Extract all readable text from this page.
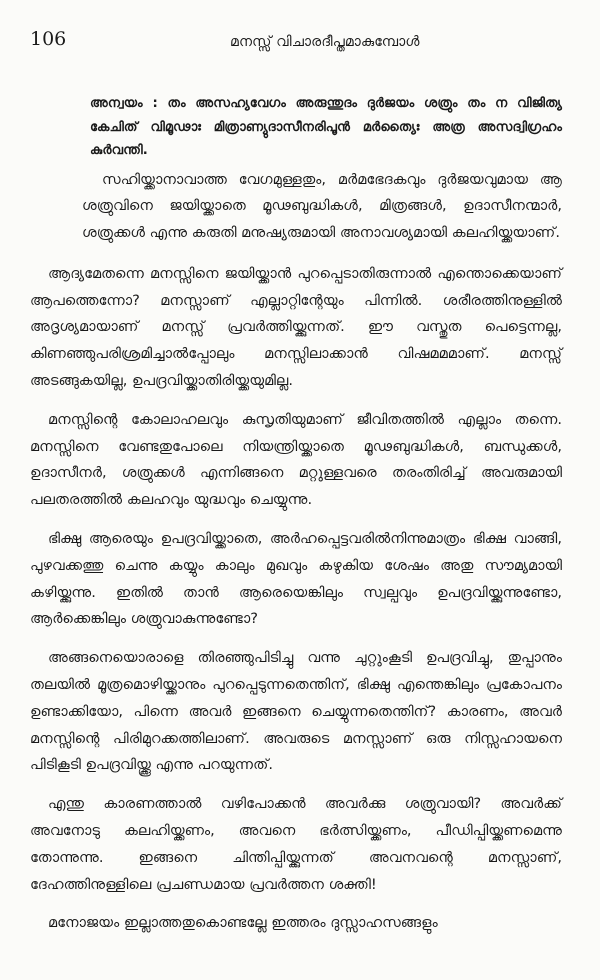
106	മനസ്സ് വിചാരദീപ്തമാകുമ്പോൾ

അന്വയം : തം അസഹ്യവേഗം അരുന്തുദം ദുർജയം ശത്രും തം ന വിജിത്യ കേചിത് വിമൂഢാഃ മിത്രാണ്യുദാസീനരിപൂൻ മർത്യൈഃ അത്ര അസദ്വിഗ്രഹം കുർവന്തി.

സഹിയ്ക്കാനാവാത്ത വേഗമുള്ളതും, മർമഭേദകവും ദുർജയവുമായ ആ ശത്രുവിനെ ജയിയ്ക്കാതെ മൂഢബുദ്ധികൾ, മിത്രങ്ങൾ, ഉദാസീനന്മാർ, ശത്രുക്കൾ എന്നു കരുതി മനുഷ്യരുമായി അനാവശ്യമായി കലഹിയ്ക്കയാണ്.

ആദ്യമേതന്നെ മനസ്സിനെ ജയിയ്ക്കാൻ പുറപ്പെടാതിരുന്നാൽ എന്തൊക്കെയാണ് ആപത്തെന്നോ? മനസ്സാണ് എല്ലാറ്റിന്റേയും പിന്നിൽ. ശരീരത്തിനുള്ളിൽ അദൃശ്യമായാണ് മനസ്സ് പ്രവർത്തിയ്ക്കുന്നത്. ഈ വസ്തുത പെട്ടെന്നല്ല, കിണഞ്ഞുപരിശ്രമിച്ചാൽപ്പോലും മനസ്സിലാക്കാൻ വിഷമമമാണ്. മനസ്സ് അടങ്ങുകയില്ല, ഉപദ്രവിയ്ക്കാതിരിയ്ക്കയുമില്ല.

മനസ്സിന്റെ കോലാഹലവും കുസൃതിയുമാണ് ജീവിതത്തിൽ എല്ലാം തന്നെ. മനസ്സിനെ വേണ്ടതുപോലെ നിയന്ത്രിയ്ക്കാതെ മൂഢബുദ്ധികൾ, ബന്ധുക്കൾ, ഉദാസീനർ, ശത്രുക്കൾ എന്നിങ്ങനെ മറ്റുള്ളവരെ തരംതിരിച്ച് അവരുമായി പലതരത്തിൽ കലഹവും യുദ്ധവും ചെയ്യുന്നു.

ഭിക്ഷു ആരെയും ഉപദ്രവിയ്ക്കാതെ, അർഹപ്പെട്ടവരിൽനിന്നുമാത്രം ഭിക്ഷ വാങ്ങി, പുഴവക്കത്തു ചെന്നു കയ്യും കാലും മുഖവും കഴുകിയ ശേഷം അതു സൗമ്യമായി കഴിയ്ക്കുന്നു. ഇതിൽ താൻ ആരെയെങ്കിലും സ്വല്പവും ഉപദ്രവിയ്ക്കുന്നുണ്ടോ, ആർക്കെങ്കിലും ശത്രുവാകുന്നുണ്ടോ?

അങ്ങനെയൊരാളെ തിരഞ്ഞുപിടിച്ചു വന്നു ചുറ്റുംകൂടി ഉപദ്രവിച്ചു, തുപ്പാനും തലയിൽ മൂത്രമൊഴിയ്ക്കാനും പുറപ്പെടുന്നതെന്തിന്, ഭിക്ഷു എന്തെങ്കിലും പ്രകോപനം ഉണ്ടാക്കിയോ, പിന്നെ അവർ ഇങ്ങനെ ചെയ്യുന്നതെന്തിന്? കാരണം, അവർ മനസ്സിന്റെ പിരിമുറക്കത്തിലാണ്. അവരുടെ മനസ്സാണ് ഒരു നിസ്സഹായനെ പിടികൂടി ഉപദ്രവിയ്ക്കൂ എന്നു പറയുന്നത്.

എന്തു കാരണത്താൽ വഴിപോക്കൻ അവർക്കു ശത്രുവായി? അവർക്ക് അവനോടു കലഹിയ്ക്കണം, അവനെ ഭർത്സിയ്ക്കണം, പീഡിപ്പിയ്ക്കണമെന്നു തോന്നുന്നു. ഇങ്ങനെ ചിന്തിപ്പിയ്ക്കുന്നത് അവനവന്റെ മനസ്സാണ്, ദേഹത്തിനുള്ളിലെ പ്രചണ്ഡമായ പ്രവർത്തന ശക്തി!

മനോജയം ഇല്ലാത്തതുകൊണ്ടല്ലേ ഇത്തരം ദുസ്സാഹസങ്ങളും
